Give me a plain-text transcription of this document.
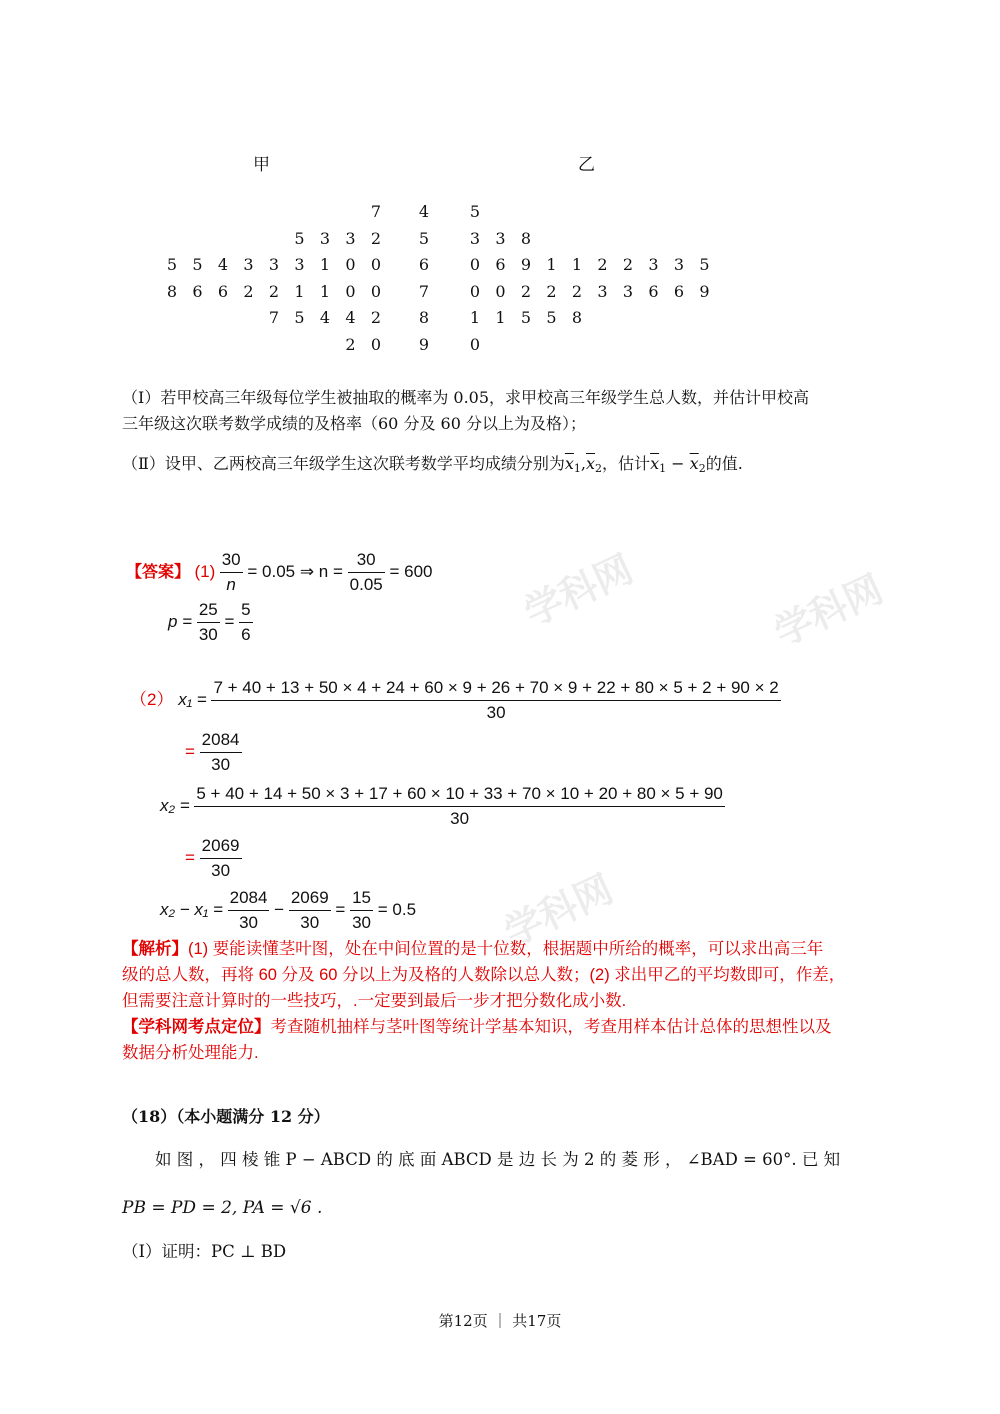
学科网	学科网
学科网
甲	乙
7	4	5
5 3 3 2	5	3 3 8
5 5 4 3 3 3 1 0 0	6	0 6 9 1 1 2 2 3 3 5
8 6 6 2 2 1 1 0 0	7	0 0 2 2 2 3 3 6 6 9
7 5 4 4 2	8	1 1 5 5 8
2 0	9	0
（Ⅰ）若甲校高三年级每位学生被抽取的概率为 0.05，求甲校高三年级学生总人数，并估计甲校高
三年级这次联考数学成绩的及格率（60 分及 60 分以上为及格）；
（Ⅱ）设甲、乙两校高三年级学生这次联考数学平均成绩分别为$\overline{x}_1,\overline{x}_2$，估计$\overline{x}_1 - \overline{x}_2$的值.
【答案】 $(1) \frac{30}{n} = 0.05$ ⇒ $n = \frac{30}{0.05} = 600$
$p = \frac{25}{30} = \frac{5}{6}$
（2） x₁ =
7 + 40 + 13 + 50 × 4 + 24 + 60 × 9 + 26 + 70 × 9 + 22 + 80 × 5 + 2 + 90 × 2
30
= $\frac{2084}{30}$
x₂ =
5 + 40 + 14 + 50 × 3 + 17 + 60 × 10 + 33 + 70 × 10 + 20 + 80 × 5 + 90
30
= $\frac{2069}{30}$
$x_2 - x_1 = \frac{2084}{30} - \frac{2069}{30} = \frac{15}{30} = 0.5$
【解析】(1) 要能读懂茎叶图，处在中间位置的是十位数，根据题中所给的概率，可以求出高三年
级的总人数，再将 60 分及 60 分以上为及格的人数除以总人数；(2) 求出甲乙的平均数即可，作差，
但需要注意计算时的一些技巧，.一定要到最后一步才把分数化成小数.
【学科网考点定位】考查随机抽样与茎叶图等统计学基本知识，考查用样本估计总体的思想性以及
数据分析处理能力.
（18）（本小题满分 12 分）
如 图 ， 四 棱 锥 P − ABCD 的 底 面 ABCD 是 边 长 为 2 的 菱 形 ， ∠BAD = 60°. 已 知
PB = PD = 2, PA = √6 .
（Ⅰ）证明：PC ⊥ BD
第12页 ｜ 共17页
